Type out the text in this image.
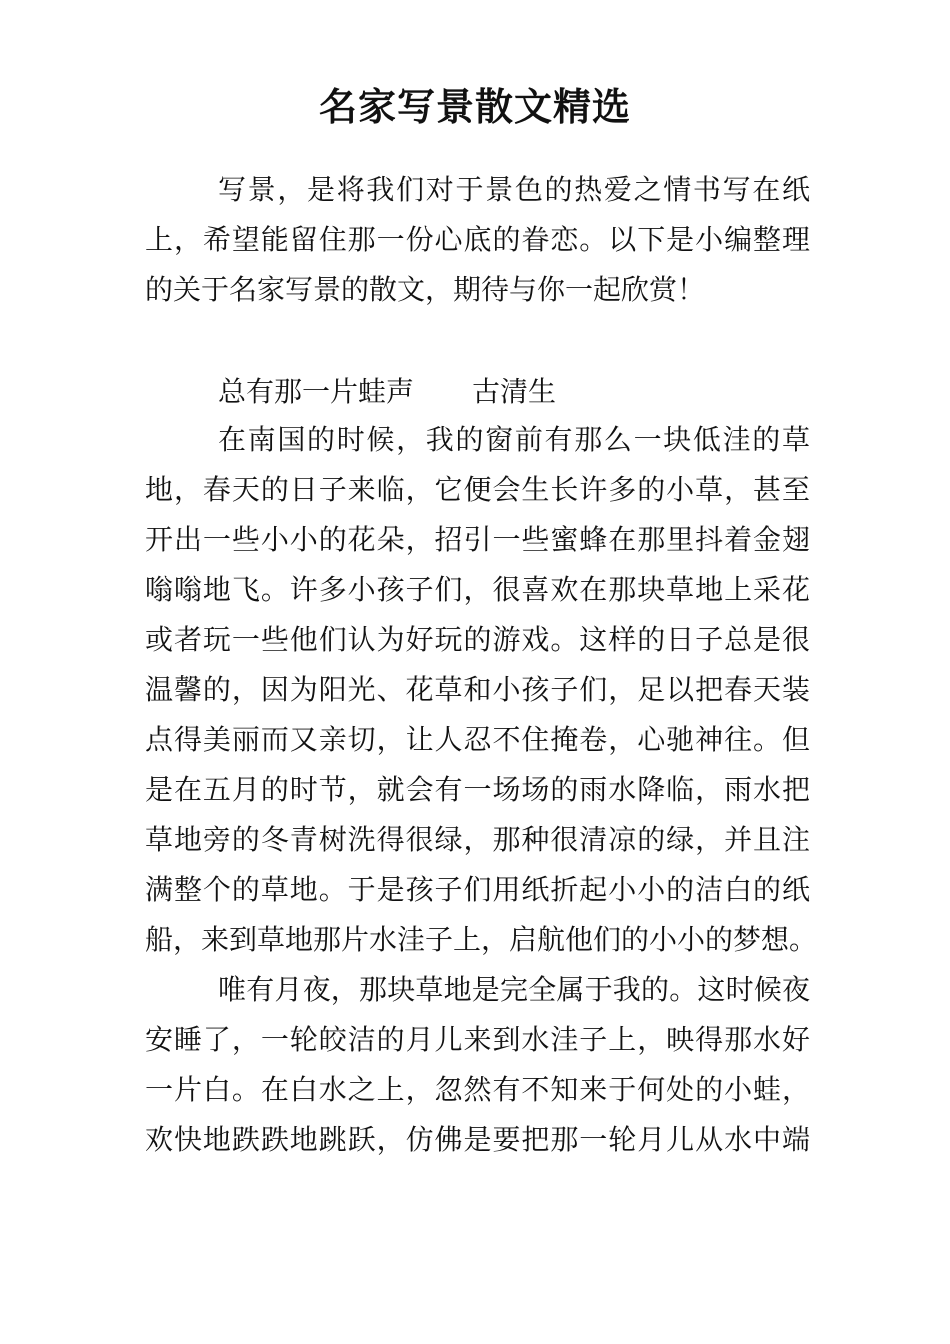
名家写景散文精选
写景，是将我们对于景色的热爱之情书写在纸
上，希望能留住那一份心底的眷恋。以下是小编整理
的关于名家写景的散文，期待与你一起欣赏！
总有那一片蛙声 古清生
在南国的时候，我的窗前有那么一块低洼的草
地，春天的日子来临，它便会生长许多的小草，甚至
开出一些小小的花朵，招引一些蜜蜂在那里抖着金翅
嗡嗡地飞。许多小孩子们，很喜欢在那块草地上采花
或者玩一些他们认为好玩的游戏。这样的日子总是很
温馨的，因为阳光、花草和小孩子们，足以把春天装
点得美丽而又亲切，让人忍不住掩卷，心驰神往。但
是在五月的时节，就会有一场场的雨水降临，雨水把
草地旁的冬青树洗得很绿，那种很清凉的绿，并且注
满整个的草地。于是孩子们用纸折起小小的洁白的纸
船，来到草地那片水洼子上，启航他们的小小的梦想。
唯有月夜，那块草地是完全属于我的。这时候夜
安睡了，一轮皎洁的月儿来到水洼子上，映得那水好
一片白。在白水之上，忽然有不知来于何处的小蛙，
欢快地跌跌地跳跃，仿佛是要把那一轮月儿从水中端
